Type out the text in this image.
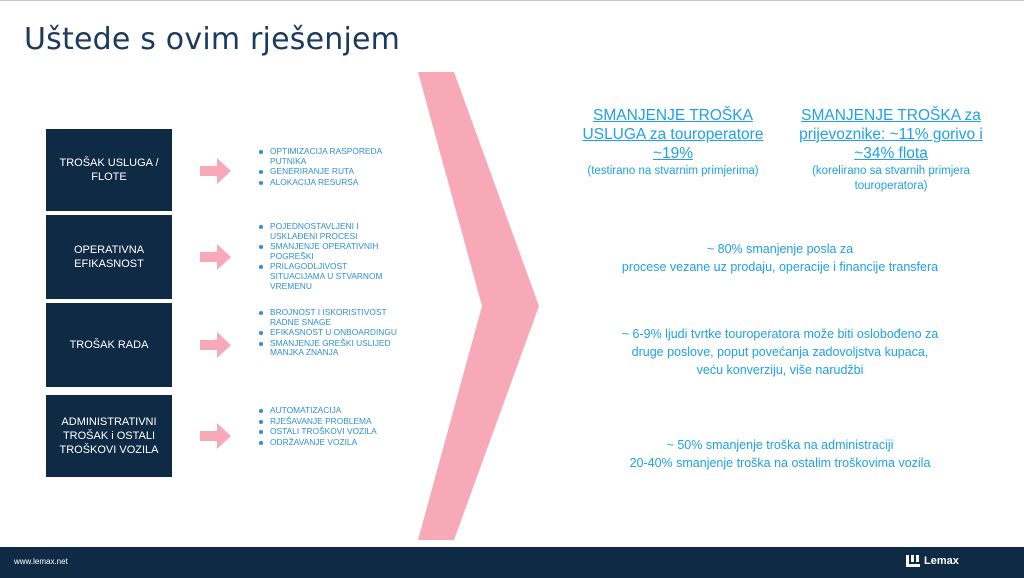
Uštede s ovim rješenjem
TROŠAK USLUGA / FLOTE
OPTIMIZACIJA RASPOREDA PUTNIKA
GENERIRANJE RUTA
ALOKACIJA RESURSA
OPERATIVNA EFIKASNOST
POJEDNOSTAVLJENI I USKLAĐENI PROCESI
SMANJENJE OPERATIVNIH POGREŠKI
PRILAGODLJIVOST SITUACIJAMA U STVARNOM VREMENU
TROŠAK RADA
BROJNOST I ISKORISTIVOST RADNE SNAGE
EFIKASNOST U ONBOARDINGU
SMANJENJE GREŠKI USLIJED MANJKA ZNANJA
ADMINISTRATIVNI TROŠAK i OSTALI TROŠKOVI VOZILA
AUTOMATIZACIJA
RJEŠAVANJE PROBLEMA
OSTALI TROŠKOVI VOZILA
ODRŽAVANJE VOZILA
SMANJENJE TROŠKA USLUGA za touroperatore ~19%
(testirano na stvarnim primjerima)
SMANJENJE TROŠKA za prijevoznike: ~11% gorivo i ~34% flota
(korelirano sa stvarnih primjera touroperatora)
~ 80% smanjenje posla za
procese vezane uz prodaju, operacije i financije transfera
~ 6-9% ljudi tvrtke touroperatora može biti oslobođeno za
druge poslove, poput povećanja zadovoljstva kupaca,
veću konverziju, više narudžbi
~ 50% smanjenje troška na administraciji
20-40% smanjenje troška na ostalim troškovima vozila
www.lemax.net	Lemax
